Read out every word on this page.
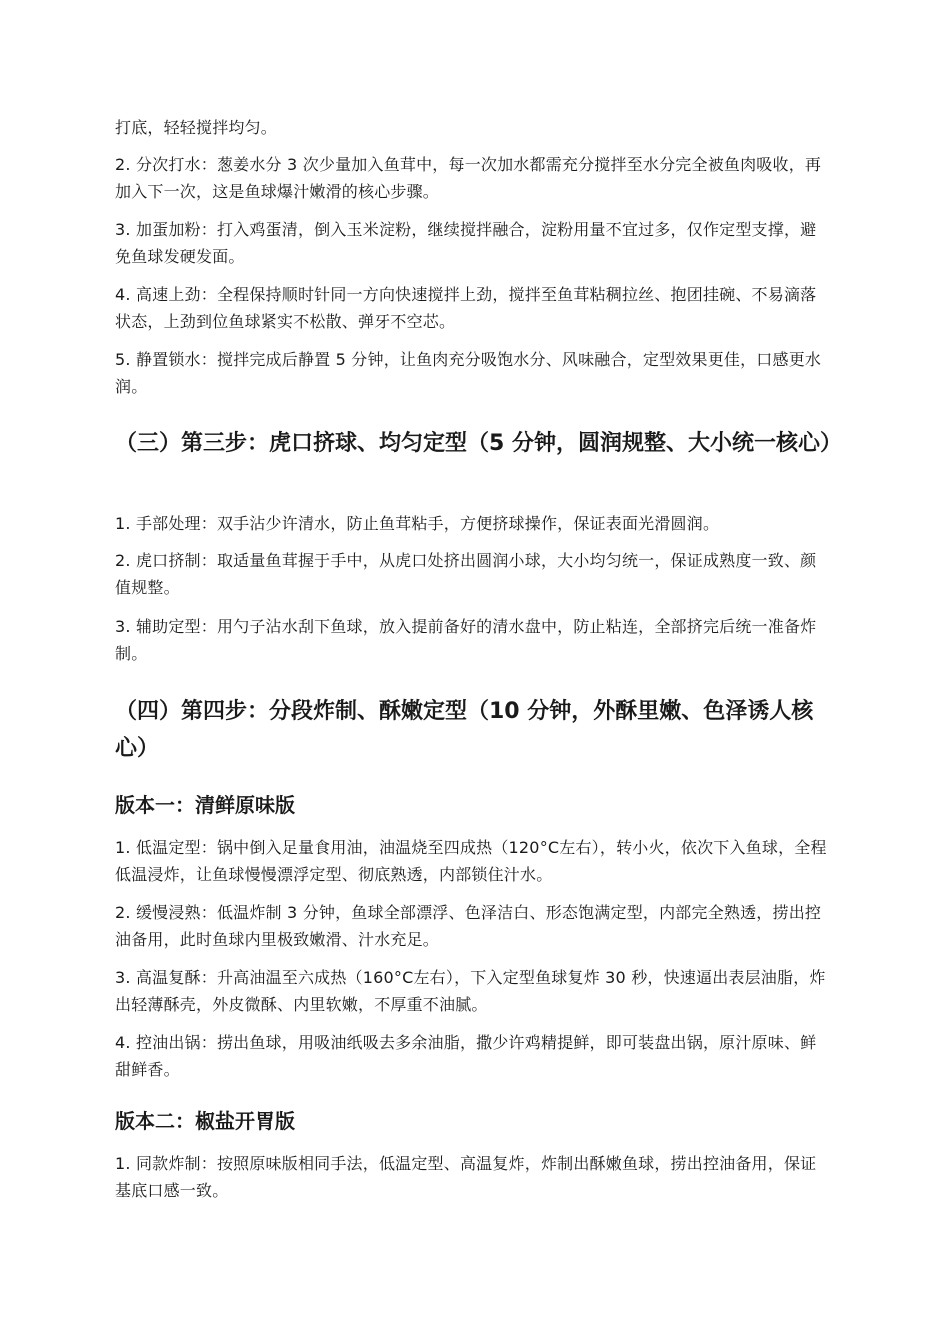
打底，轻轻搅拌均匀。

2. 分次打水：葱姜水分 3 次少量加入鱼茸中，每一次加水都需充分搅拌至水分完全被鱼肉吸收，再加入下一次，这是鱼球爆汁嫩滑的核心步骤。

3. 加蛋加粉：打入鸡蛋清，倒入玉米淀粉，继续搅拌融合，淀粉用量不宜过多，仅作定型支撑，避免鱼球发硬发面。

4. 高速上劲：全程保持顺时针同一方向快速搅拌上劲，搅拌至鱼茸粘稠拉丝、抱团挂碗、不易滴落状态，上劲到位鱼球紧实不松散、弹牙不空芯。

5. 静置锁水：搅拌完成后静置 5 分钟，让鱼肉充分吸饱水分、风味融合，定型效果更佳，口感更水润。

（三）第三步：虎口挤球、均匀定型（5 分钟，圆润规整、大小统一核心）

1. 手部处理：双手沾少许清水，防止鱼茸粘手，方便挤球操作，保证表面光滑圆润。

2. 虎口挤制：取适量鱼茸握于手中，从虎口处挤出圆润小球，大小均匀统一，保证成熟度一致、颜值规整。

3. 辅助定型：用勺子沾水刮下鱼球，放入提前备好的清水盘中，防止粘连，全部挤完后统一准备炸制。

（四）第四步：分段炸制、酥嫩定型（10 分钟，外酥里嫩、色泽诱人核心）
版本一：清鲜原味版

1. 低温定型：锅中倒入足量食用油，油温烧至四成热（120°C左右），转小火，依次下入鱼球，全程低温浸炸，让鱼球慢慢漂浮定型、彻底熟透，内部锁住汁水。

2. 缓慢浸熟：低温炸制 3 分钟，鱼球全部漂浮、色泽洁白、形态饱满定型，内部完全熟透，捞出控油备用，此时鱼球内里极致嫩滑、汁水充足。

3. 高温复酥：升高油温至六成热（160°C左右），下入定型鱼球复炸 30 秒，快速逼出表层油脂，炸出轻薄酥壳，外皮微酥、内里软嫩，不厚重不油腻。

4. 控油出锅：捞出鱼球，用吸油纸吸去多余油脂，撒少许鸡精提鲜，即可装盘出锅，原汁原味、鲜甜鲜香。

版本二：椒盐开胃版

1. 同款炸制：按照原味版相同手法，低温定型、高温复炸，炸制出酥嫩鱼球，捞出控油备用，保证基底口感一致。
